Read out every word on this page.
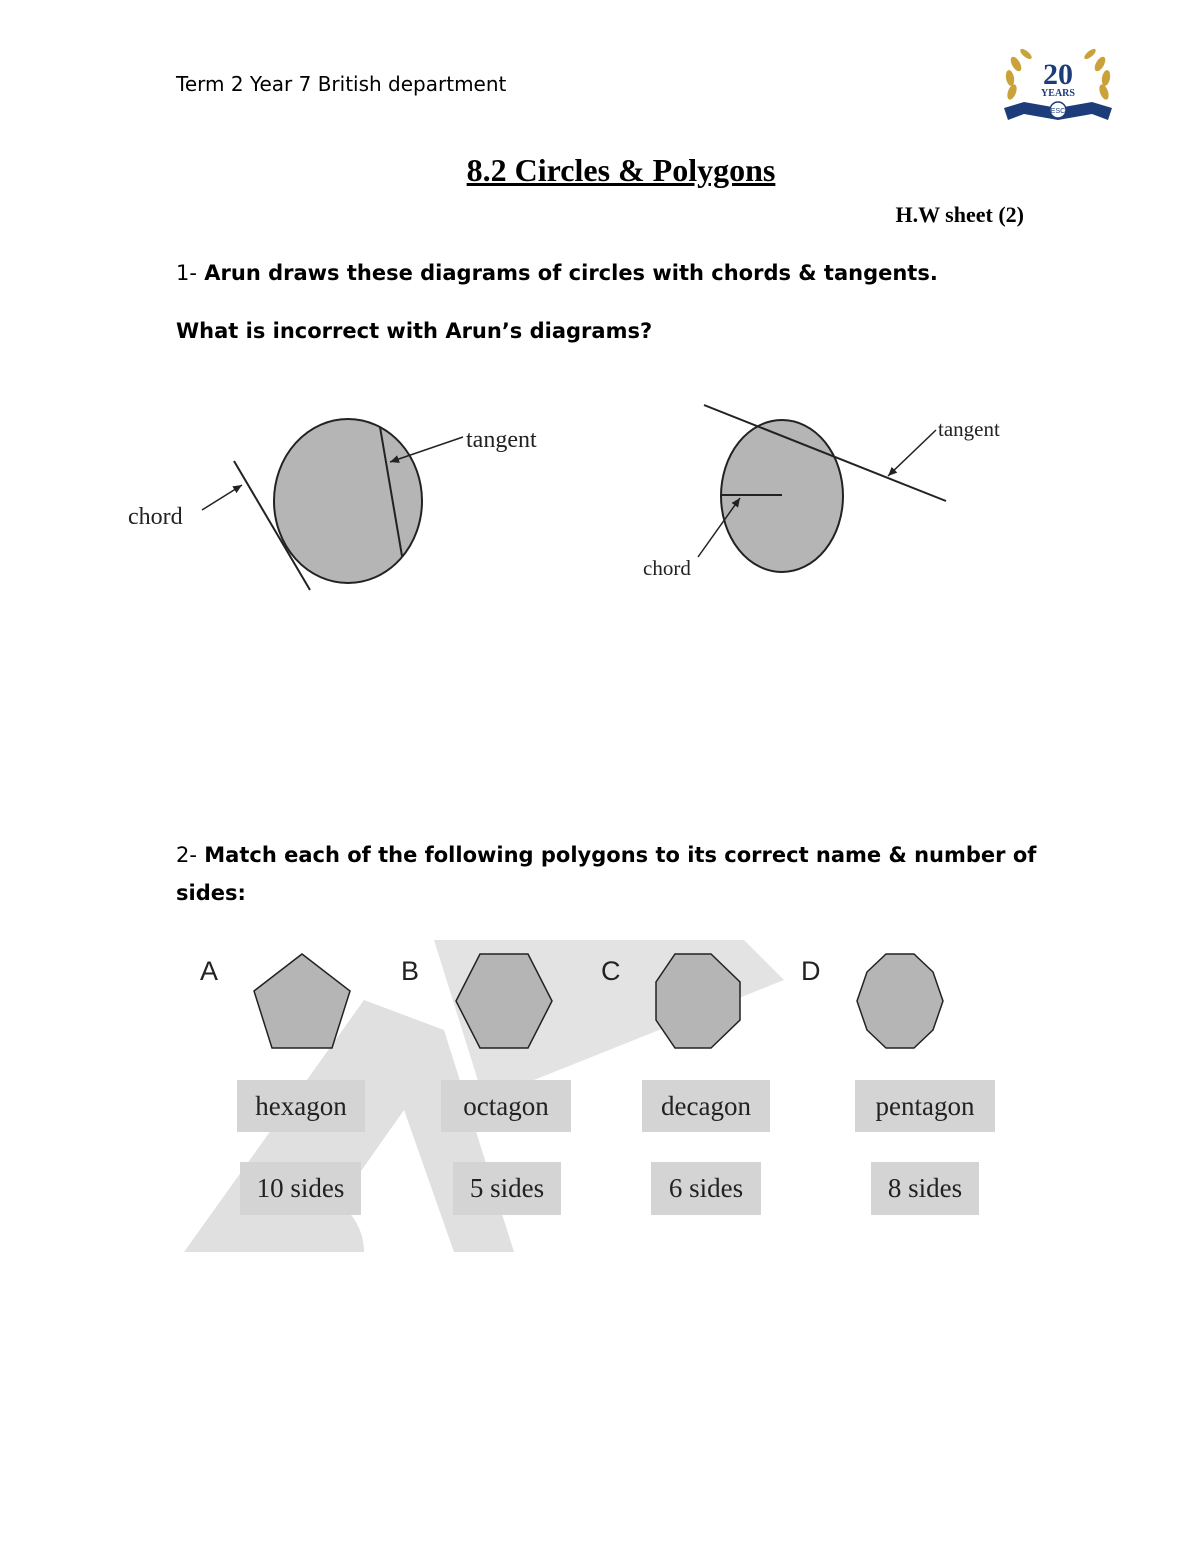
Term 2 Year 7 British department	20
YEARS
ESC
8.2 Circles & Polygons
H.W sheet (2)
1- Arun draws these diagrams of circles with chords & tangents.
What is incorrect with Arun’s diagrams?
tangent
chord
tangent
chord
2- Match each of the following polygons to its correct name & number of
sides:
A	B	C	D
hexagon	octagon	decagon	pentagon
10 sides	5 sides	6 sides	8 sides
